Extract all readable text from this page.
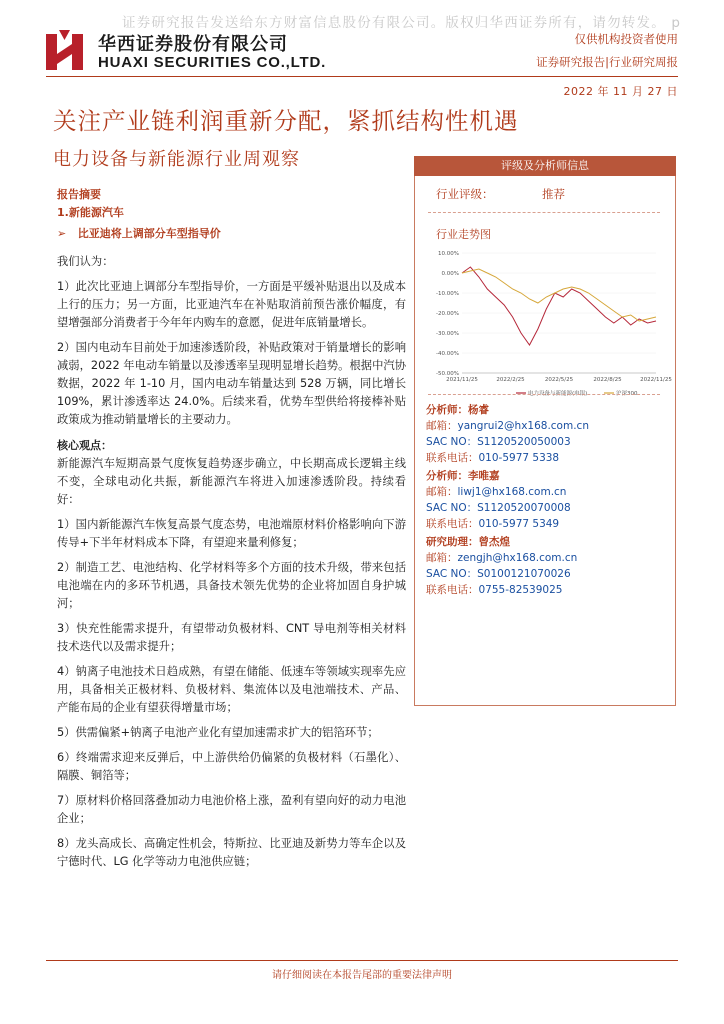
证券研究报告发送给东方财富信息股份有限公司。版权归华西证券所有，请勿转发。 p
华西证券股份有限公司
HUAXI SECURITIES CO.,LTD.
仅供机构投资者使用
证券研究报告|行业研究周报
2022 年 11 月 27 日
关注产业链利润重新分配，紧抓结构性机遇
电力设备与新能源行业周观察	评级及分析师信息
行业评级：	推荐
行业走势图
10.00%
0.00%
-10.00%
-20.00%
-30.00%
-40.00%
-50.00%
2021/11/25	2022/2/25	2022/5/25	2022/8/25	2022/11/25
电力设备与新能源(申银)	沪深300
分析师：杨睿
邮箱：yangrui2@hx168.com.cn
SAC NO：S1120520050003
联系电话：010-5977 5338
分析师：李唯嘉
邮箱：liwj1@hx168.com.cn
SAC NO：S1120520070008
联系电话：010-5977 5349
研究助理：曾杰煌
邮箱：zengjh@hx168.com.cn
SAC NO：S0100121070026
联系电话：0755-82539025
报告摘要
1.新能源汽车
➢   比亚迪将上调部分车型指导价
我们认为：
1）此次比亚迪上调部分车型指导价，一方面是平缓补贴退出以及成本上行的压力；另一方面，比亚迪汽车在补贴取消前预告涨价幅度，有望增强部分消费者于今年年内购车的意愿，促进年底销量增长。
2）国内电动车目前处于加速渗透阶段，补贴政策对于销量增长的影响减弱，2022 年电动车销量以及渗透率呈现明显增长趋势。根据中汽协数据，2022 年 1-10 月，国内电动车销量达到 528 万辆，同比增长 109%，累计渗透率达 24.0%。后续来看，优势车型供给将接棒补贴政策成为推动销量增长的主要动力。
核心观点：
新能源汽车短期高景气度恢复趋势逐步确立，中长期高成长逻辑主线不变，全球电动化共振，新能源汽车将进入加速渗透阶段。持续看好：
1）国内新能源汽车恢复高景气度态势，电池端原材料价格影响向下游传导+下半年材料成本下降，有望迎来量利修复；
2）制造工艺、电池结构、化学材料等多个方面的技术升级，带来包括电池端在内的多环节机遇，具备技术领先优势的企业将加固自身护城河；
3）快充性能需求提升，有望带动负极材料、CNT 导电剂等相关材料技术迭代以及需求提升；
4）钠离子电池技术日趋成熟，有望在储能、低速车等领域实现率先应用，具备相关正极材料、负极材料、集流体以及电池端技术、产品、产能布局的企业有望获得增量市场；
5）供需偏紧+钠离子电池产业化有望加速需求扩大的铝箔环节；
6）终端需求迎来反弹后，中上游供给仍偏紧的负极材料（石墨化）、隔膜、铜箔等；
7）原材料价格回落叠加动力电池价格上涨，盈利有望向好的动力电池企业；
8）龙头高成长、高确定性机会，特斯拉、比亚迪及新势力等车企以及宁德时代、LG 化学等动力电池供应链；
请仔细阅读在本报告尾部的重要法律声明
